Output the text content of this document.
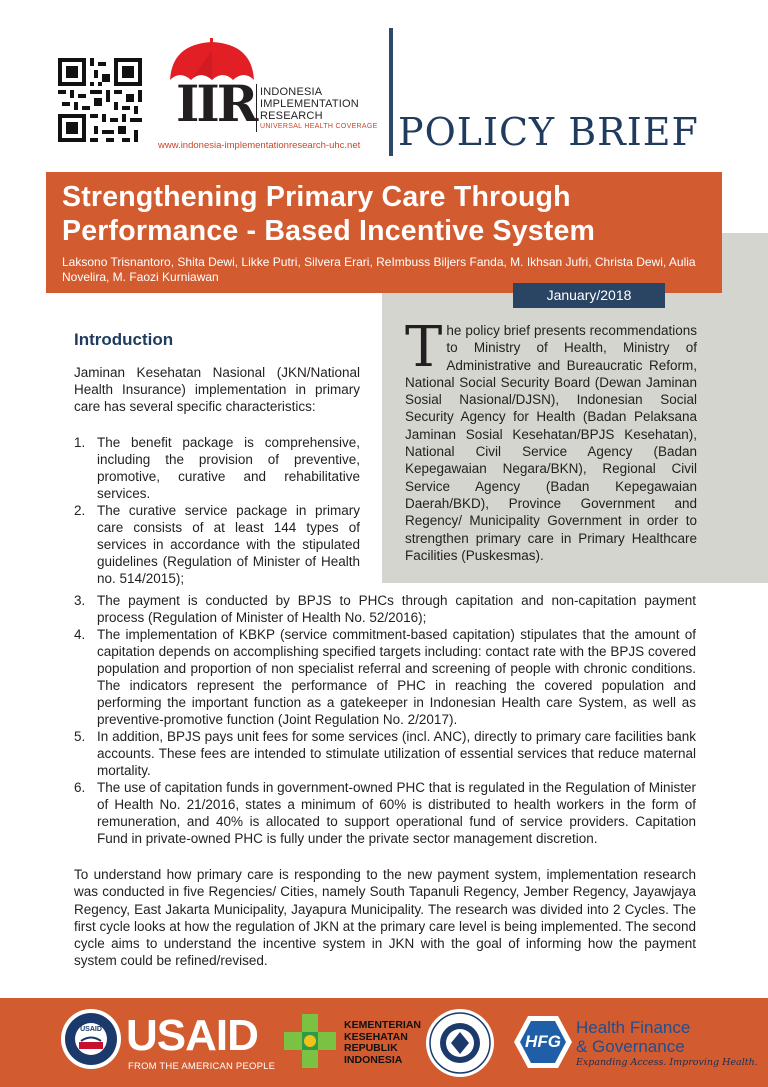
IIR INDONESIA
IMPLEMENTATION
RESEARCH
UNIVERSAL HEALTH COVERAGE
www.indonesia-implementationresearch-uhc.net POLICY BRIEF
Strengthening Primary Care Through Performance - Based Incentive System
Laksono Trisnantoro, Shita Dewi, Likke Putri, Silvera Erari, ReImbuss Biljers Fanda, M. Ikhsan Jufri, Christa Dewi, Aulia Novelira, M. Faozi Kurniawan
January/2018
Introduction
Jaminan Kesehatan Nasional (JKN/National Health Insurance) implementation in primary care has several specific characteristics:
1. The benefit package is comprehensive, including the provision of preventive, promotive, curative and rehabilitative services.
2. The curative service package in primary care consists of at least 144 types of services in accordance with the stipulated guidelines (Regulation of Minister of Health no. 514/2015);
3. The payment is conducted by BPJS to PHCs through capitation and non-capitation payment process (Regulation of Minister of Health No. 52/2016);
4. The implementation of KBKP (service commitment-based capitation) stipulates that the amount of capitation depends on accomplishing specified targets including: contact rate with the BPJS covered population and proportion of non specialist referral and screening of people with chronic conditions. The indicators represent the performance of PHC in reaching the covered population and performing the important function as a gatekeeper in Indonesian Health care System, as well as preventive-promotive function (Joint Regulation No. 2/2017).
5. In addition, BPJS pays unit fees for some services (incl. ANC), directly to primary care facilities bank accounts. These fees are intended to stimulate utilization of essential services that reduce maternal mortality.
6. The use of capitation funds in government-owned PHC that is regulated in the Regulation of Minister of Health No. 21/2016, states a minimum of 60% is distributed to health workers in the form of remuneration, and 40% is allocated to support operational fund of service providers. Capitation Fund in private-owned PHC is fully under the private sector management discretion.
The policy brief presents recommendations to Ministry of Health, Ministry of Administrative and Bureaucratic Reform, National Social Security Board (Dewan Jaminan Sosial Nasional/DJSN), Indonesian Social Security Agency for Health (Badan Pelaksana Jaminan Sosial Kesehatan/BPJS Kesehatan), National Civil Service Agency (Badan Kepegawaian Negara/BKN), Regional Civil Service Agency (Badan Kepegawaian Daerah/BKD), Province Government and Regency/ Municipality Government in order to strengthen primary care in Primary Healthcare Facilities (Puskesmas).
To understand how primary care is responding to the new payment system, implementation research was conducted in five Regencies/ Cities, namely South Tapanuli Regency, Jember Regency, Jayawjaya Regency, East Jakarta Municipality, Jayapura Municipality. The research was divided into 2 Cycles. The first cycle looks at how the regulation of JKN at the primary care level is being implemented. The second cycle aims to understand the incentive system in JKN with the goal of informing how the payment system could be refined/revised.
USAID USAID
FROM THE AMERICAN PEOPLE
KEMENTERIAN
KESEHATAN
REPUBLIK
INDONESIA
HFG
Health Finance
& Governance
Expanding Access. Improving Health.
